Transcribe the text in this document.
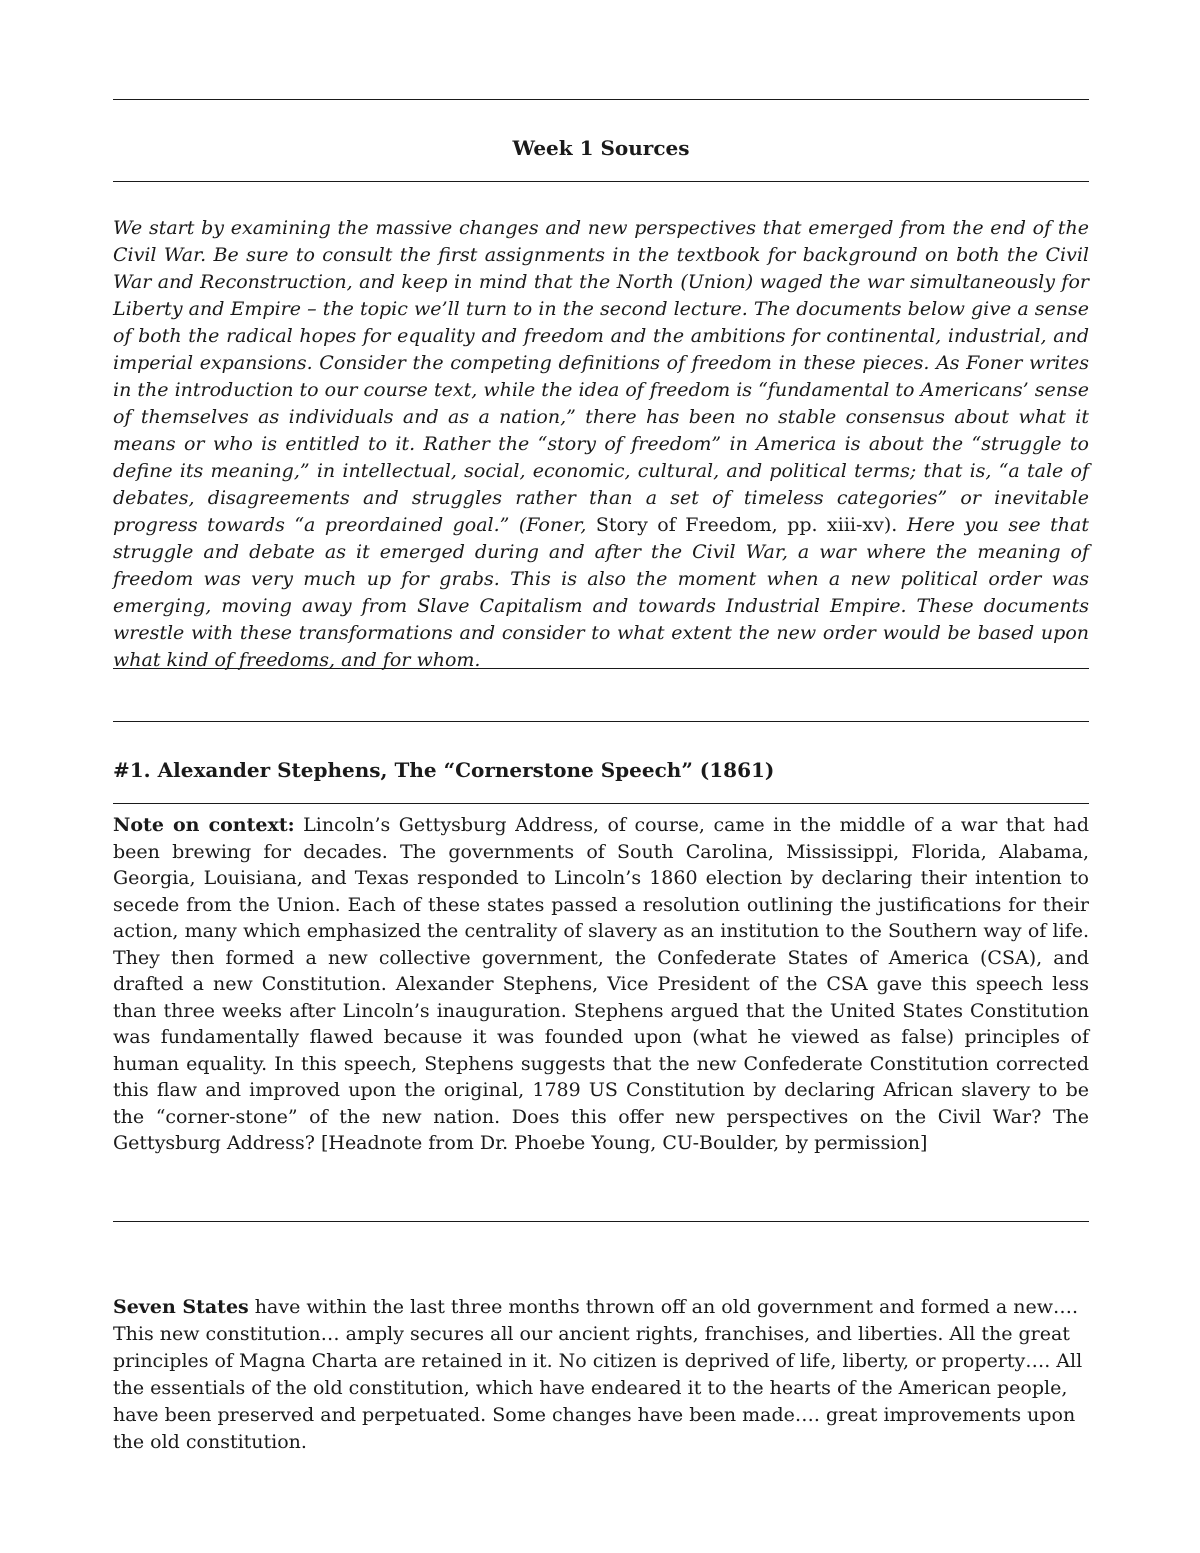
Week 1 Sources

We start by examining the massive changes and new perspectives that emerged from the end of the Civil War. Be sure to consult the first assignments in the textbook for background on both the Civil War and Reconstruction, and keep in mind that the North (Union) waged the war simultaneously for Liberty and Empire – the topic we’ll turn to in the second lecture. The documents below give a sense of both the radical hopes for equality and freedom and the ambitions for continental, industrial, and imperial expansions. Consider the competing definitions of freedom in these pieces. As Foner writes in the introduction to our course text, while the idea of freedom is “fundamental to Americans’ sense of themselves as individuals and as a nation,” there has been no stable consensus about what it means or who is entitled to it. Rather the “story of freedom” in America is about the “struggle to define its meaning,” in intellectual, social, economic, cultural, and political terms; that is, “a tale of debates, disagreements and struggles rather than a set of timeless categories” or inevitable progress towards “a preordained goal.” (Foner, Story of Freedom, pp. xiii-xv). Here you see that struggle and debate as it emerged during and after the Civil War, a war where the meaning of freedom was very much up for grabs. This is also the moment when a new political order was emerging, moving away from Slave Capitalism and towards Industrial Empire. These documents wrestle with these transformations and consider to what extent the new order would be based upon what kind of freedoms, and for whom.

#1. Alexander Stephens, The “Cornerstone Speech” (1861)

Note on context: Lincoln’s Gettysburg Address, of course, came in the middle of a war that had been brewing for decades. The governments of South Carolina, Mississippi, Florida, Alabama, Georgia, Louisiana, and Texas responded to Lincoln’s 1860 election by declaring their intention to secede from the Union. Each of these states passed a resolution outlining the justifications for their action, many which emphasized the centrality of slavery as an institution to the Southern way of life. They then formed a new collective government, the Confederate States of America (CSA), and drafted a new Constitution. Alexander Stephens, Vice President of the CSA gave this speech less than three weeks after Lincoln’s inauguration. Stephens argued that the United States Constitution was fundamentally flawed because it was founded upon (what he viewed as false) principles of human equality. In this speech, Stephens suggests that the new Confederate Constitution corrected this flaw and improved upon the original, 1789 US Constitution by declaring African slavery to be the “corner-stone” of the new nation. Does this offer new perspectives on the Civil War? The Gettysburg Address? [Headnote from Dr. Phoebe Young, CU-Boulder, by permission]

Seven States have within the last three months thrown off an old government and formed a new…. This new constitution… amply secures all our ancient rights, franchises, and liberties. All the great principles of Magna Charta are retained in it. No citizen is deprived of life, liberty, or property…. All the essentials of the old constitution, which have endeared it to the hearts of the American people, have been preserved and perpetuated. Some changes have been made…. great improvements upon the old constitution.
